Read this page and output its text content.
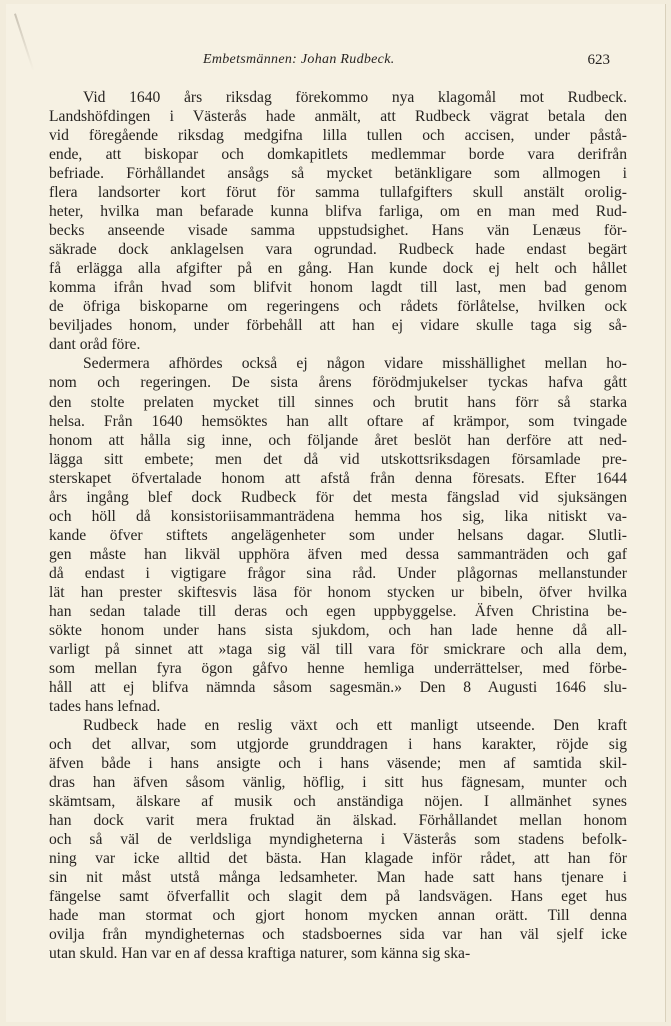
Embetsmännen: Johan Rudbeck.	623
Vid 1640 års riksdag förekommo nya klagomål mot Rudbeck.
Landshöfdingen i Västerås hade anmält, att Rudbeck vägrat betala den
vid föregående riksdag medgifna lilla tullen och accisen, under påstå-
ende, att biskopar och domkapitlets medlemmar borde vara derifrån
befriade. Förhållandet ansågs så mycket betänkligare som allmogen i
flera landsorter kort förut för samma tullafgifters skull anstält orolig-
heter, hvilka man befarade kunna blifva farliga, om en man med Rud-
becks anseende visade samma uppstudsighet. Hans vän Lenæus för-
säkrade dock anklagelsen vara ogrundad. Rudbeck hade endast begärt
få erlägga alla afgifter på en gång. Han kunde dock ej helt och hållet
komma ifrån hvad som blifvit honom lagdt till last, men bad genom
de öfriga biskoparne om regeringens och rådets förlåtelse, hvilken ock
beviljades honom, under förbehåll att han ej vidare skulle taga sig så-
dant oråd före.
Sedermera afhördes också ej någon vidare misshällighet mellan ho-
nom och regeringen. De sista årens förödmjukelser tyckas hafva gått
den stolte prelaten mycket till sinnes och brutit hans förr så starka
helsa. Från 1640 hemsöktes han allt oftare af krämpor, som tvingade
honom att hålla sig inne, och följande året beslöt han derföre att ned-
lägga sitt embete; men det då vid utskottsriksdagen församlade pre-
sterskapet öfvertalade honom att afstå från denna föresats. Efter 1644
års ingång blef dock Rudbeck för det mesta fängslad vid sjuksängen
och höll då konsistoriisammanträdena hemma hos sig, lika nitiskt va-
kande öfver stiftets angelägenheter som under helsans dagar. Slutli-
gen måste han likväl upphöra äfven med dessa sammanträden och gaf
då endast i vigtigare frågor sina råd. Under plågornas mellanstunder
lät han prester skiftesvis läsa för honom stycken ur bibeln, öfver hvilka
han sedan talade till deras och egen uppbyggelse. Äfven Christina be-
sökte honom under hans sista sjukdom, och han lade henne då all-
varligt på sinnet att »taga sig väl till vara för smickrare och alla dem,
som mellan fyra ögon gåfvo henne hemliga underrättelser, med förbe-
håll att ej blifva nämnda såsom sagesmän.» Den 8 Augusti 1646 slu-
tades hans lefnad.
Rudbeck hade en reslig växt och ett manligt utseende. Den kraft
och det allvar, som utgjorde grunddragen i hans karakter, röjde sig
äfven både i hans ansigte och i hans väsende; men af samtida skil-
dras han äfven såsom vänlig, höflig, i sitt hus fägnesam, munter och
skämtsam, älskare af musik och anständiga nöjen. I allmänhet synes
han dock varit mera fruktad än älskad. Förhållandet mellan honom
och så väl de verldsliga myndigheterna i Västerås som stadens befolk-
ning var icke alltid det bästa. Han klagade inför rådet, att han för
sin nit måst utstå många ledsamheter. Man hade satt hans tjenare i
fängelse samt öfverfallit och slagit dem på landsvägen. Hans eget hus
hade man stormat och gjort honom mycken annan orätt. Till denna
ovilja från myndigheternas och stadsboernes sida var han väl sjelf icke
utan skuld. Han var en af dessa kraftiga naturer, som känna sig ska-
